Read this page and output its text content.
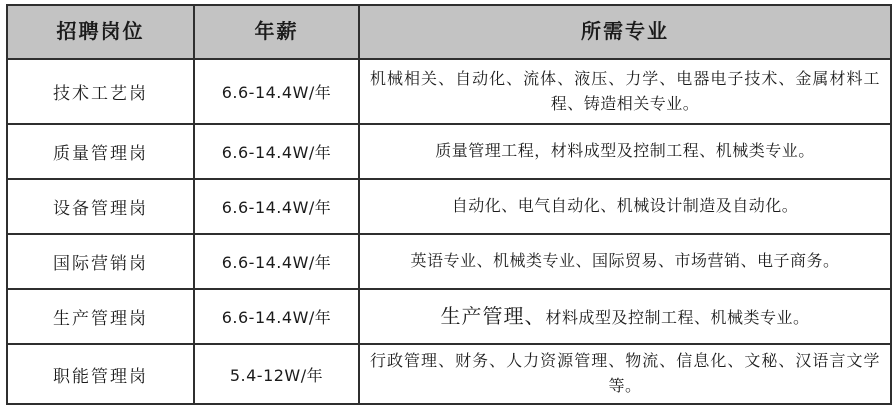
招聘岗位	年薪	所需专业
技术工艺岗	6.6-14.4W/年	机械相关、自动化、流体、液压、力学、电器电子技术、金属材料工程、铸造相关专业。
质量管理岗	6.6-14.4W/年	质量管理工程，材料成型及控制工程、机械类专业。
设备管理岗	6.6-14.4W/年	自动化、电气自动化、机械设计制造及自动化。
国际营销岗	6.6-14.4W/年	英语专业、机械类专业、国际贸易、市场营销、电子商务。
生产管理岗	6.6-14.4W/年	生产管理、材料成型及控制工程、机械类专业。
职能管理岗	5.4-12W/年	行政管理、财务、人力资源管理、物流、信息化、文秘、汉语言文学等。
